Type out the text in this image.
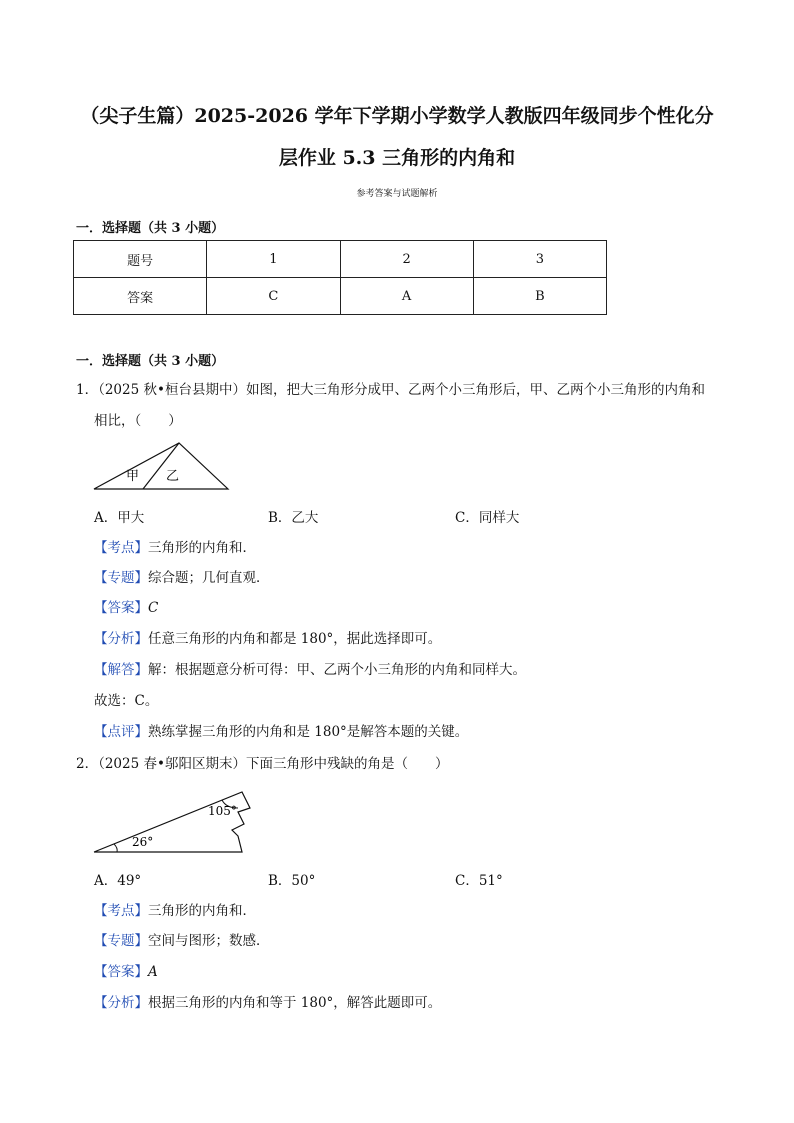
（尖子生篇）2025-2026 学年下学期小学数学人教版四年级同步个性化分
层作业 5.3 三角形的内角和
参考答案与试题解析
一．选择题（共 3 小题）
题号	1	2	3
答案	C	A	B
一．选择题（共 3 小题）
1．（2025 秋•桓台县期中）如图，把大三角形分成甲、乙两个小三角形后，甲、乙两个小三角形的内角和
相比，（　　）
甲 乙
A．甲大	B．乙大	C．同样大
【考点】三角形的内角和．
【专题】综合题；几何直观．
【答案】C
【分析】任意三角形的内角和都是 180°，据此选择即可。
【解答】解：根据题意分析可得：甲、乙两个小三角形的内角和同样大。
故选：C。
【点评】熟练掌握三角形的内角和是 180°是解答本题的关键。
2．（2025 春•邬阳区期末）下面三角形中残缺的角是（　　）
105°
26°
A．49°	B．50°	C．51°
【考点】三角形的内角和．
【专题】空间与图形；数感．
【答案】A
【分析】根据三角形的内角和等于 180°，解答此题即可。
